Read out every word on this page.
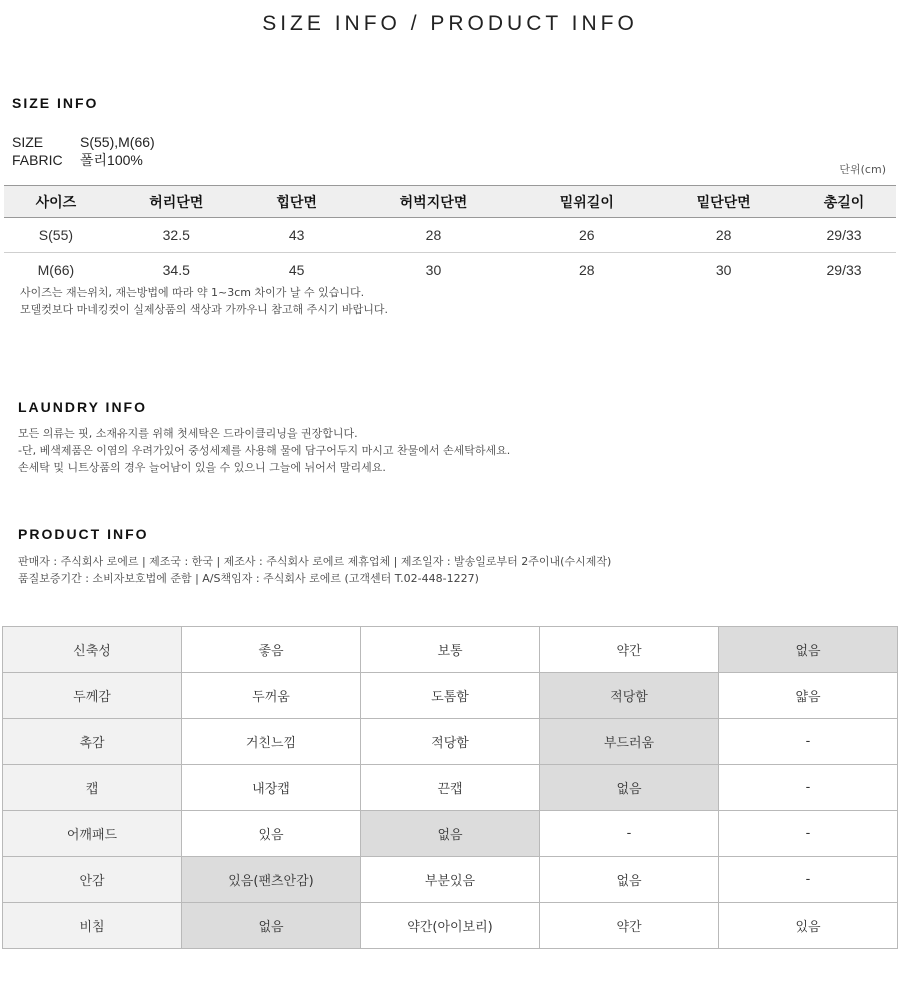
SIZE INFO / PRODUCT INFO
SIZE INFO
SIZE	S(55),M(66)
FABRIC 폴리100%
단위(cm)
사이즈	허리단면	힙단면	허벅지단면	밑위길이	밑단단면	총길이
S(55)	32.5	43	28	26	28	29/33
M(66)	34.5	45	30	28	30	29/33
사이즈는 재는위치, 재는방법에 따라 약 1~3cm 차이가 날 수 있습니다.
모델컷보다 마네킹컷이 실제상품의 색상과 가까우니 참고해 주시기 바랍니다.
LAUNDRY INFO
모든 의류는 핏, 소재유지를 위해 첫세탁은 드라이클리닝을 권장합니다.
-단, 베색제품은 이염의 우려가있어 중성세제를 사용해 물에 담구어두지 마시고 찬물에서 손세탁하세요.
손세탁 및 니트상품의 경우 늘어남이 있을 수 있으니 그늘에 뉘어서 말리세요.
PRODUCT INFO
판매자 : 주식회사 로에르 | 제조국 : 한국 | 제조사 : 주식회사 로에르 제휴업체 | 제조일자 : 발송일로부터 2주이내(수시제작)
품질보증기간 : 소비자보호법에 준함 | A/S책임자 : 주식회사 로에르 (고객센터 T.02-448-1227)
신축성	좋음	보통	약간	없음
두께감	두꺼움	도톰함	적당함	얇음
촉감	거친느낌	적당함	부드러움	-
캡	내장캡	끈캡	없음	-
어깨패드	있음	없음	-	-
안감	있음(팬츠안감)	부분있음	없음	-
비침	없음	약간(아이보리)	약간	있음
